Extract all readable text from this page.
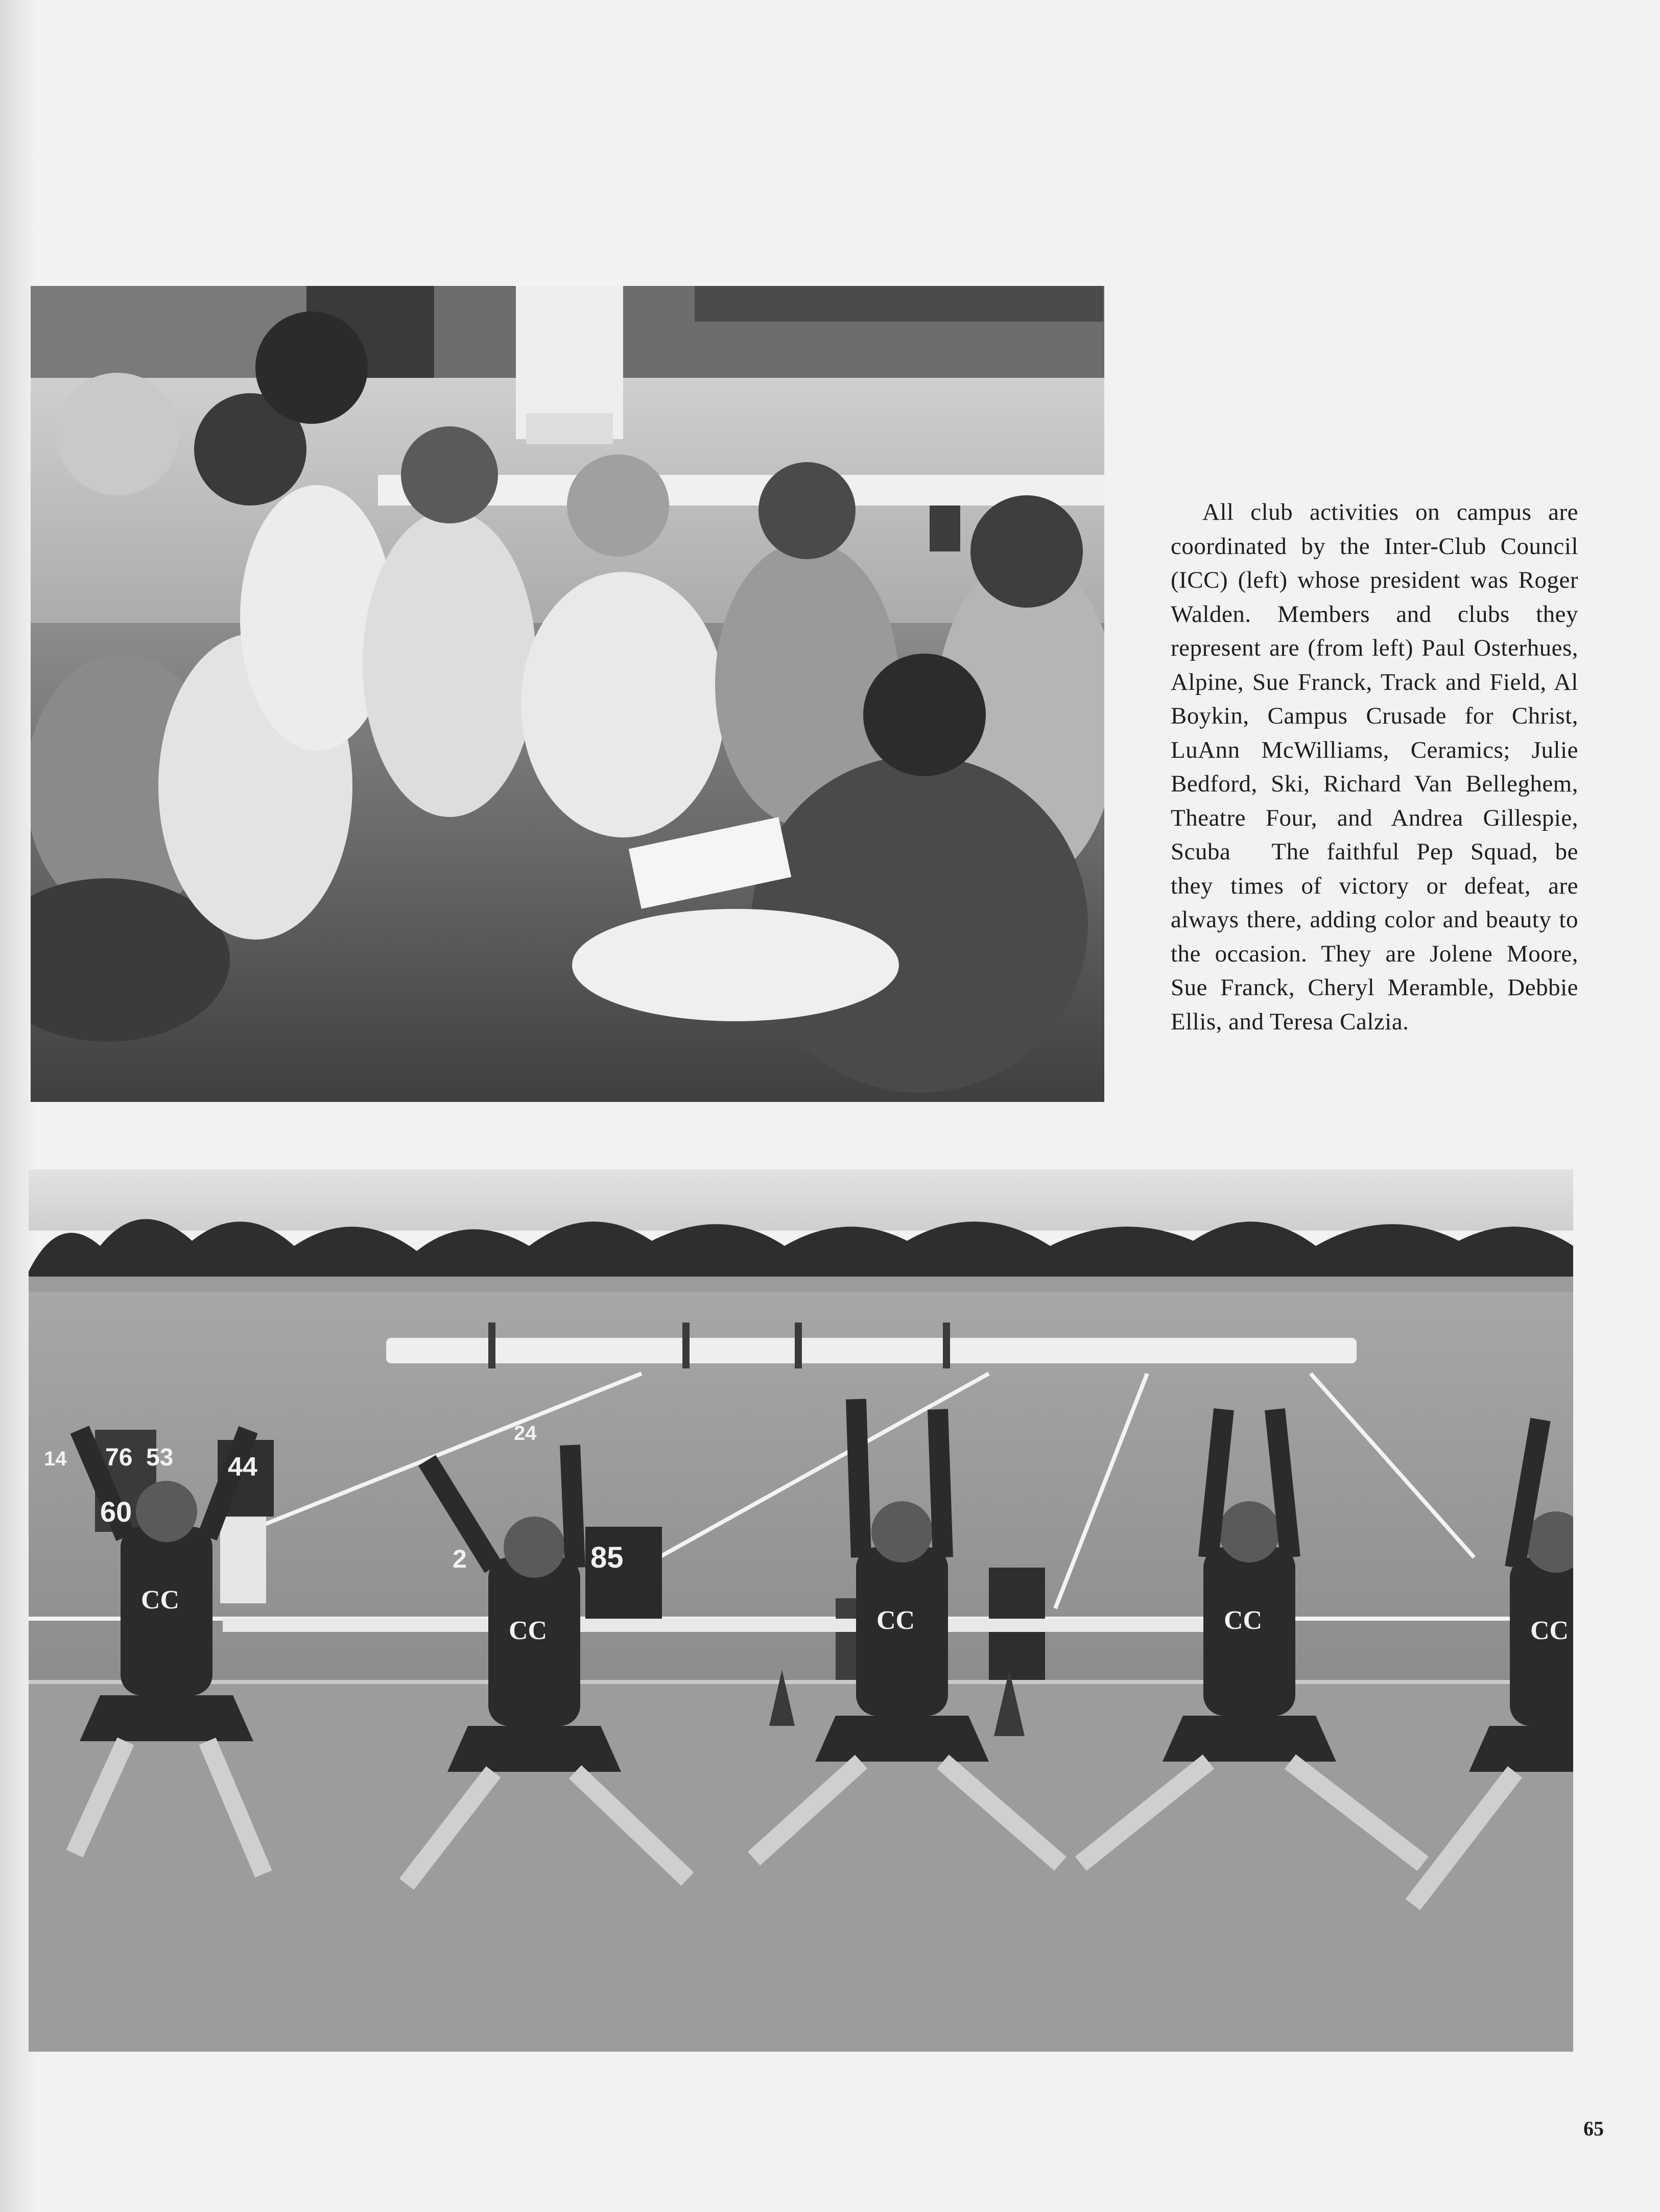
All club activities on campus are coordinated by the Inter-Club Council (ICC) (left) whose president was Roger Walden. Members and clubs they represent are (from left) Paul Osterhues, Alpine, Sue Franck, Track and Field, Al Boykin, Campus Crusade for Christ, LuAnn McWilliams, Ceramics; Julie Bedford, Ski, Richard Van Belleghem, Theatre Four, and Andrea Gillespie, Scuba The faithful Pep Squad, be they times of victory or defeat, are always there, adding color and beauty to the occasion. They are Jolene Moore, Sue Franck, Cheryl Meramble, Debbie Ellis, and Teresa Calzia.

76 53
14
60
44
24
85
2
CC
CC	CC	CC	CC
65
